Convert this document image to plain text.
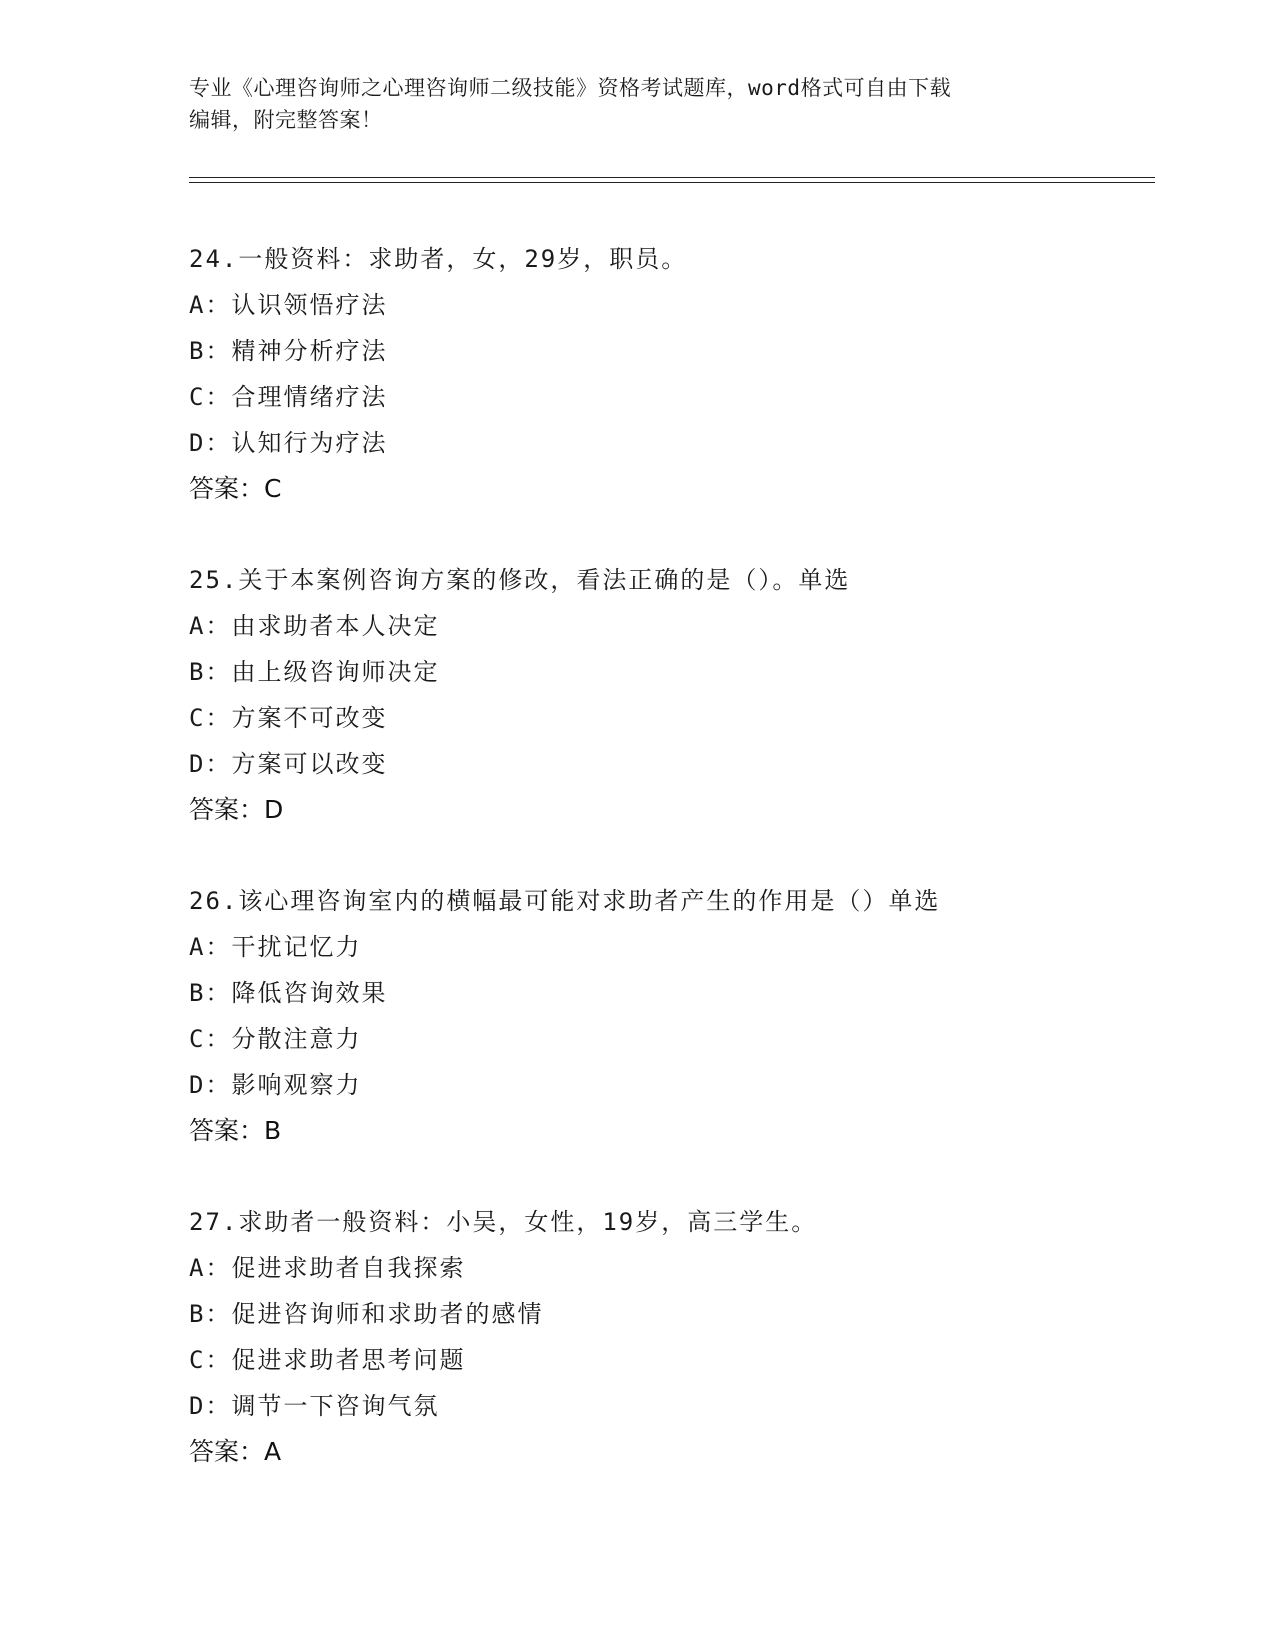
专业《心理咨询师之心理咨询师二级技能》资格考试题库，word格式可自由下载
编辑，附完整答案！
24.一般资料：求助者，女，29岁，职员。
A：认识领悟疗法
B：精神分析疗法
C：合理情绪疗法
D：认知行为疗法
答案：C
25.关于本案例咨询方案的修改，看法正确的是（）。单选
A：由求助者本人决定
B：由上级咨询师决定
C：方案不可改变
D：方案可以改变
答案：D
26.该心理咨询室内的横幅最可能对求助者产生的作用是（）单选
A：干扰记忆力
B：降低咨询效果
C：分散注意力
D：影响观察力
答案：B
27.求助者一般资料：小吴，女性，19岁，高三学生。
A：促进求助者自我探索
B：促进咨询师和求助者的感情
C：促进求助者思考问题
D：调节一下咨询气氛
答案：A
